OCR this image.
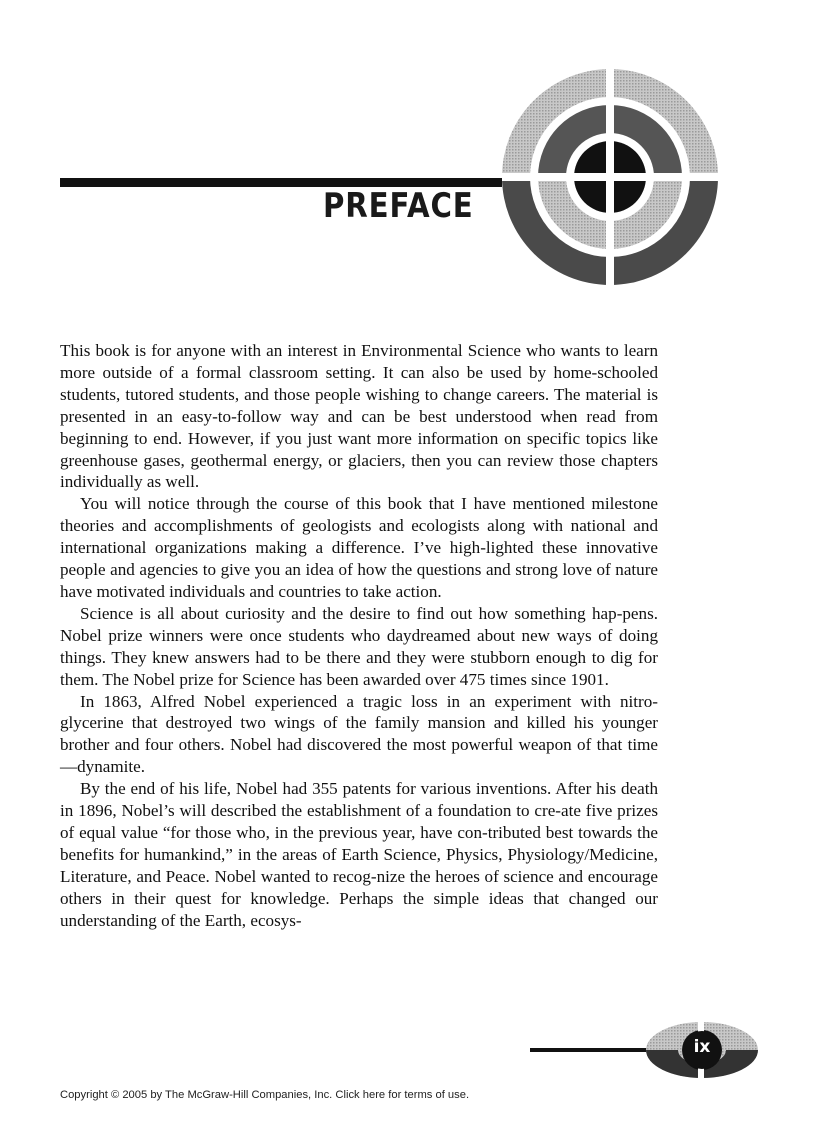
PREFACE

This book is for anyone with an interest in Environmental Science who wants to learn more outside of a formal classroom setting. It can also be used by home-schooled students, tutored students, and those people wishing to change careers. The material is presented in an easy-to-follow way and can be best understood when read from beginning to end. However, if you just want more information on specific topics like greenhouse gases, geothermal energy, or glaciers, then you can review those chapters individually as well.

You will notice through the course of this book that I have mentioned milestone theories and accomplishments of geologists and ecologists along with national and international organizations making a difference. I’ve high-lighted these innovative people and agencies to give you an idea of how the questions and strong love of nature have motivated individuals and countries to take action.

Science is all about curiosity and the desire to find out how something hap-pens. Nobel prize winners were once students who daydreamed about new ways of doing things. They knew answers had to be there and they were stubborn enough to dig for them. The Nobel prize for Science has been awarded over 475 times since 1901.

In 1863, Alfred Nobel experienced a tragic loss in an experiment with nitro-glycerine that destroyed two wings of the family mansion and killed his younger brother and four others. Nobel had discovered the most powerful weapon of that time—dynamite.

By the end of his life, Nobel had 355 patents for various inventions. After his death in 1896, Nobel’s will described the establishment of a foundation to cre-ate five prizes of equal value “for those who, in the previous year, have con-tributed best towards the benefits for humankind,” in the areas of Earth Science, Physics, Physiology/Medicine, Literature, and Peace. Nobel wanted to recog-nize the heroes of science and encourage others in their quest for knowledge. Perhaps the simple ideas that changed our understanding of the Earth, ecosys-

ix
Copyright © 2005 by The McGraw-Hill Companies, Inc. Click here for terms of use.
